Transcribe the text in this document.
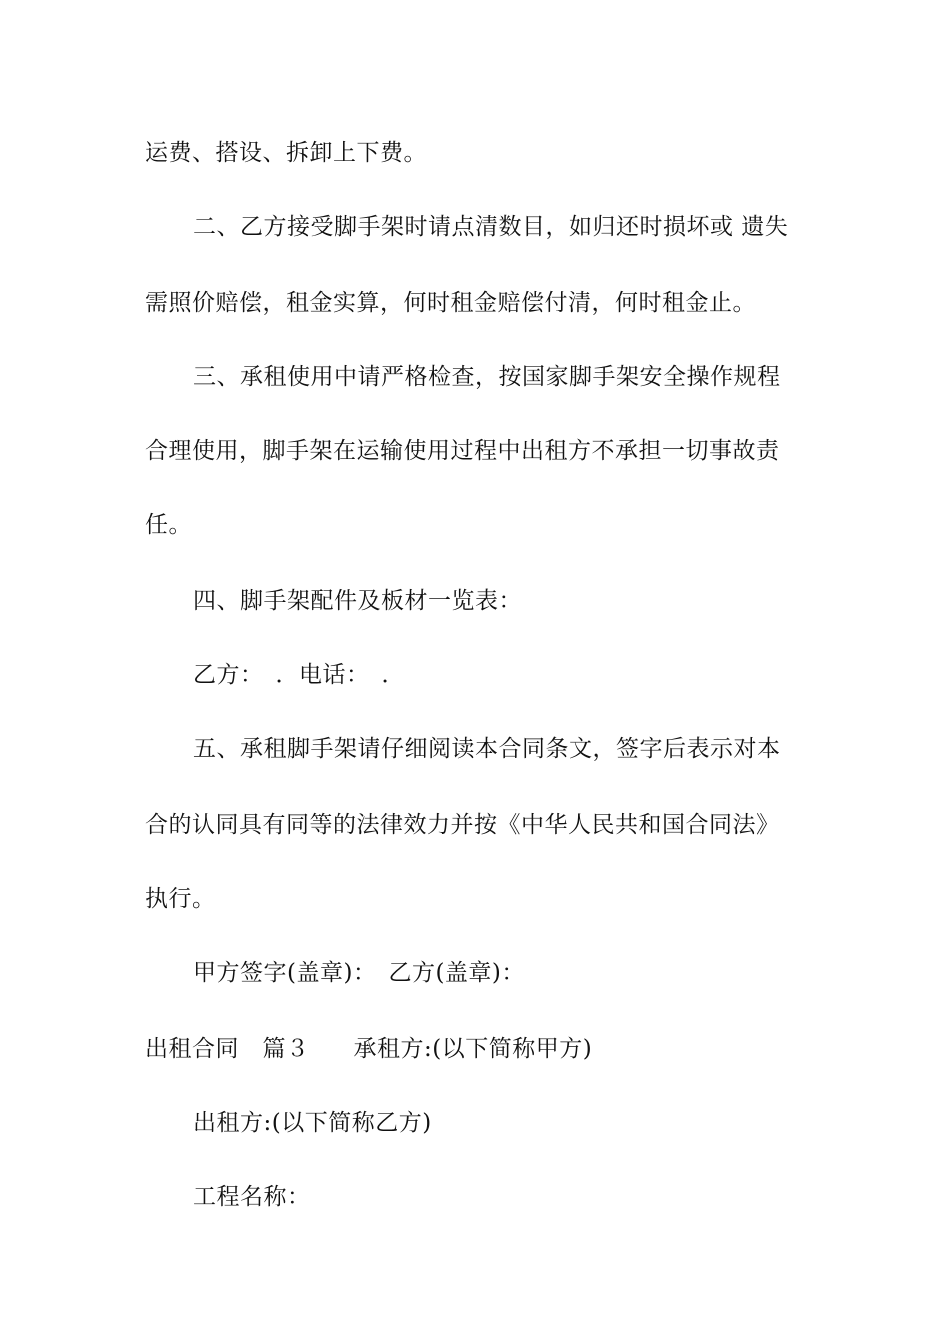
运费、搭设、拆卸上下费。
二、乙方接受脚手架时请点清数目，如归还时损坏或 遗失
需照价赔偿，租金实算，何时租金赔偿付清，何时租金止。
三、承租使用中请严格检查，按国家脚手架安全操作规程
合理使用，脚手架在运输使用过程中出租方不承担一切事故责
任。
四、脚手架配件及板材一览表：
乙方：　．电话：　．
五、承租脚手架请仔细阅读本合同条文，签字后表示对本
合的认同具有同等的法律效力并按《中华人民共和国合同法》
执行。
甲方签字(盖章)：　乙方(盖章)：
出租合同　篇３ 承租方:(以下简称甲方)
出租方:(以下简称乙方)
工程名称：
